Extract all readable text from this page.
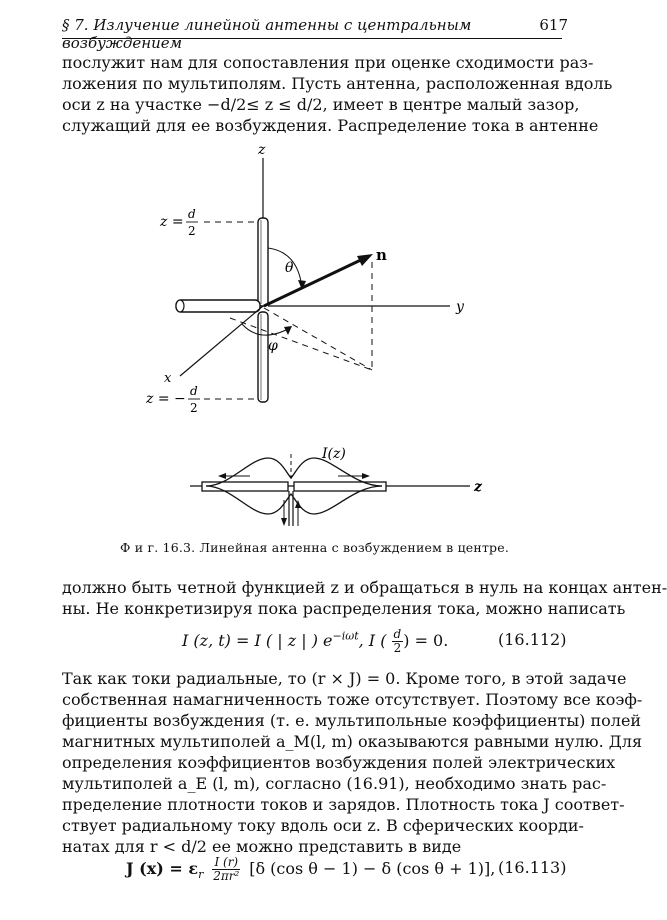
§ 7. Излучение линейной антенны с центральным возбуждением
617
послужит нам для сопоставления при оценке сходимости раз-
ложения по мультиполям. Пусть антенна, расположенная вдоль
оси z на участке −d/2≤ z ≤ d/2, имеет в центре малый зазор,
служащий для ее возбуждения. Распределение тока в антенне
z
y
x
n
θ
φ
z = d
2
z = − d
2
z
I(z)
Ф и г. 16.3. Линейная антенна с возбуждением в центре.
должно быть четной функцией z и обращаться в нуль на концах антен-
ны. Не конкретизируя пока распределения тока, можно написать
I (z, t) = I ( | z | ) $e^{-i\omega t}$, I ( $\frac{d}{2}$ ) = 0.	(16.112)
Так как токи радиальные, то (r × J) = 0. Кроме того, в этой задаче
собственная намагниченность тоже отсутствует. Поэтому все коэф-
фициенты возбуждения (т. е. мультипольные коэффициенты) полей
магнитных мультиполей a_M(l, m) оказываются равными нулю. Для
определения коэффициентов возбуждения полей электрических
мультиполей a_E (l, m), согласно (16.91), необходимо знать рас-
пределение плотности токов и зарядов. Плотность тока J соответ-
ствует радиальному току вдоль оси z. В сферических коорди-
натах для r < d/2 ее можно представить в виде
J $(x) = \varepsilon_r \frac{I (r)}{\text{2πr²}} [\delta$ (cos θ − 1) − δ (cos θ + 1)], (16.113)
